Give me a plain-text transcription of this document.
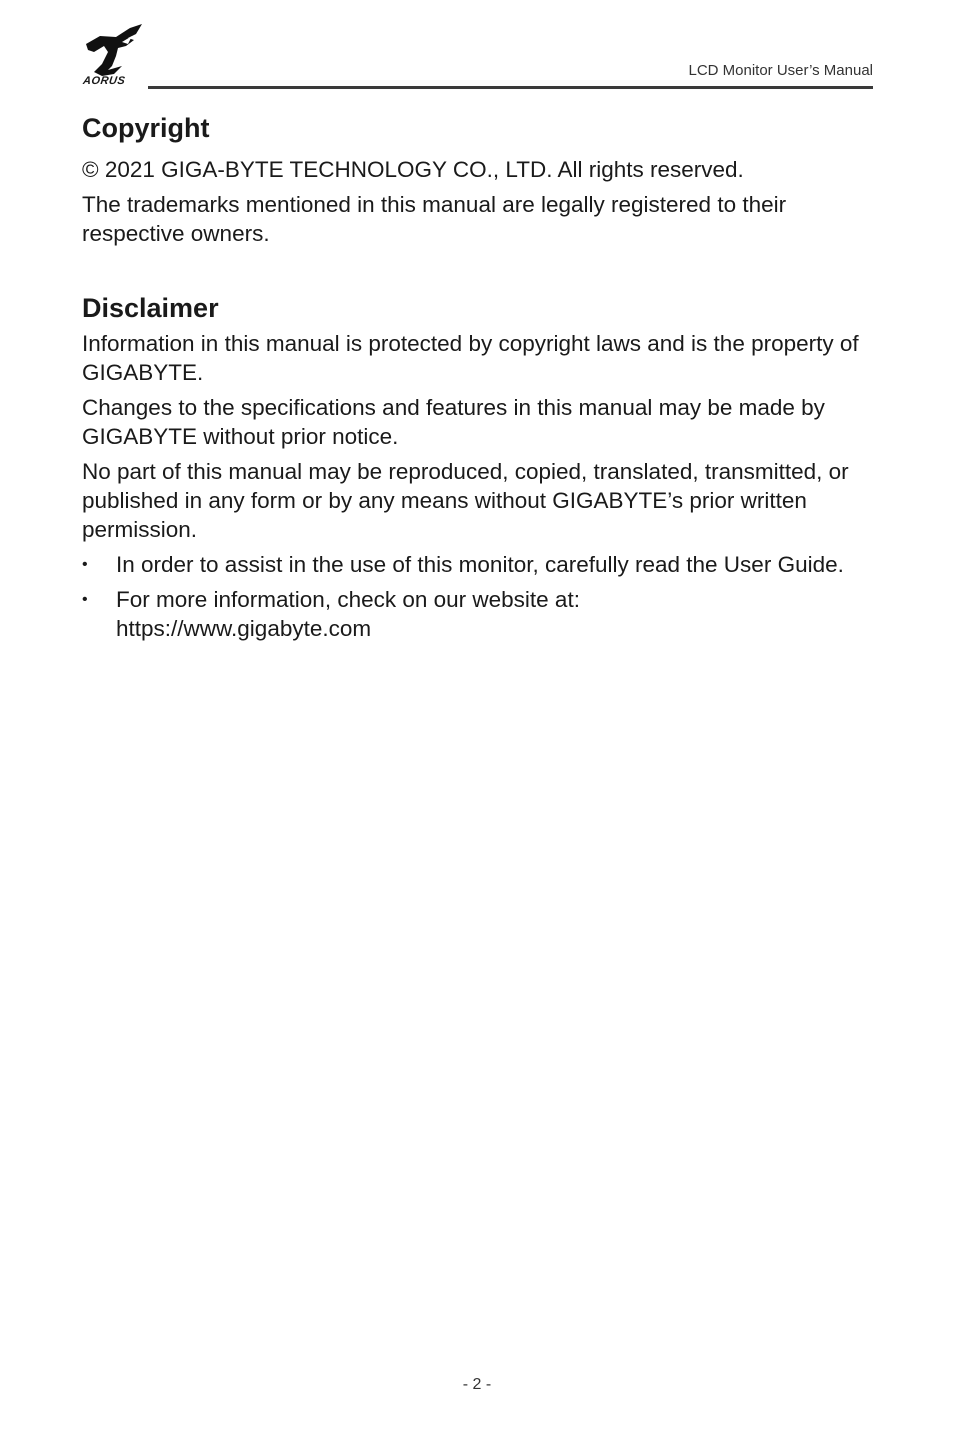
AORUS
LCD Monitor User’s Manual
Copyright

© 2021 GIGA-BYTE TECHNOLOGY CO., LTD. All rights reserved.

The trademarks mentioned in this manual are legally registered to their respective owners.

Disclaimer

Information in this manual is protected by copyright laws and is the property of GIGABYTE.

Changes to the specifications and features in this manual may be made by GIGABYTE without prior notice.

No part of this manual may be reproduced, copied, translated, transmitted, or published in any form or by any means without GIGABYTE’s prior written permission.

• In order to assist in the use of this monitor, carefully read the User Guide.
• For more information, check on our website at:
https://www.gigabyte.com
- 2 -
